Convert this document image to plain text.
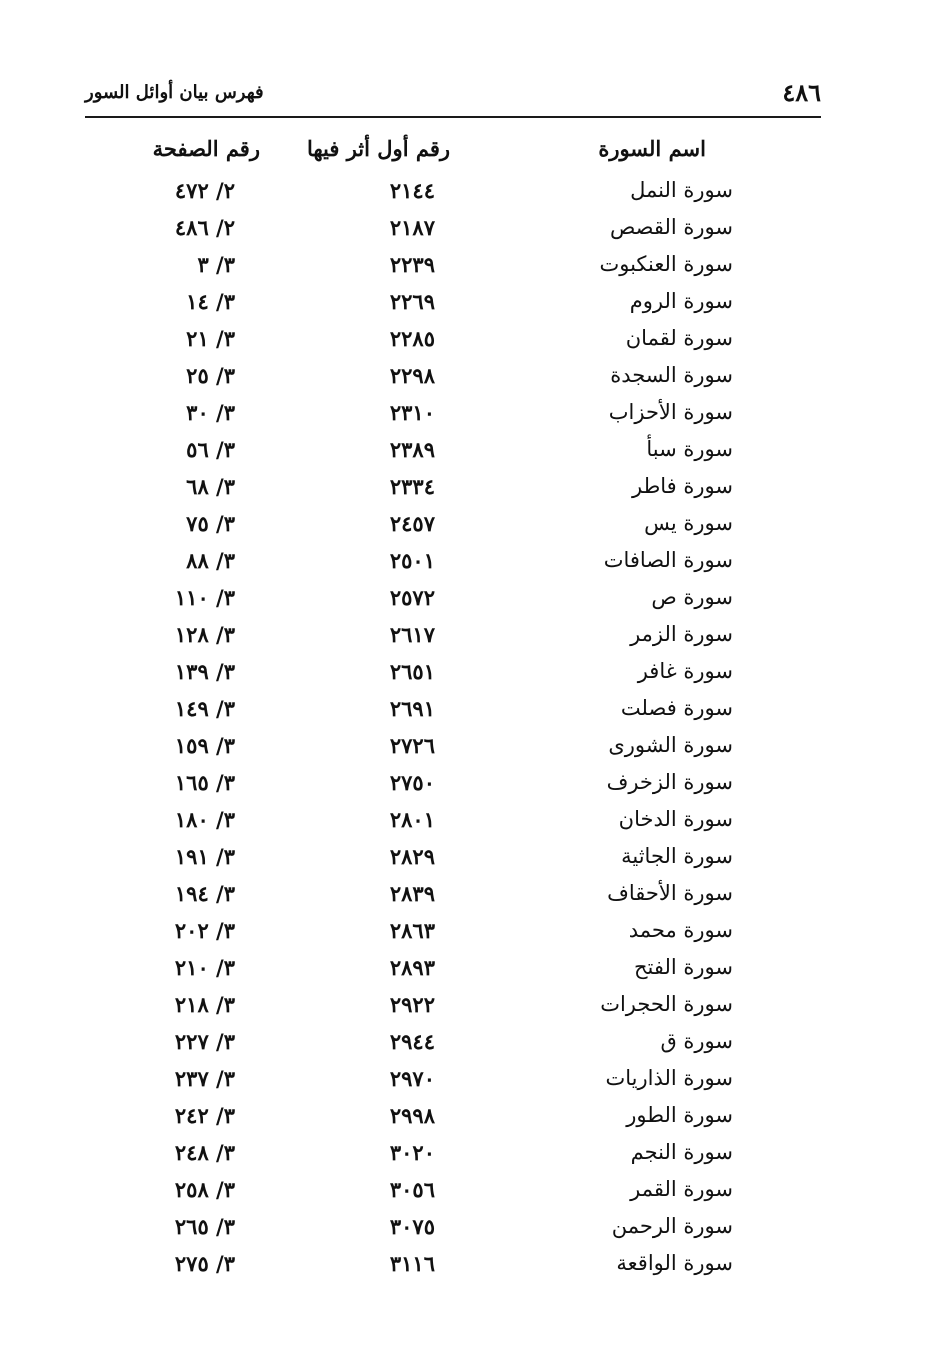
٤٨٦
فهرس بيان أوائل السور
اسم السورة
رقم أول أثر فيها
رقم الصفحة
سورة النمل
٢١٤٤
٢/ ٤٧٢
سورة القصص
٢١٨٧
٢/ ٤٨٦
سورة العنكبوت
٢٢٣٩
٣/ ٣
سورة الروم
٢٢٦٩
٣/ ١٤
سورة لقمان
٢٢٨٥
٣/ ٢١
سورة السجدة
٢٢٩٨
٣/ ٢٥
سورة الأحزاب
٢٣١٠
٣/ ٣٠
سورة سبأ
٢٣٨٩
٣/ ٥٦
سورة فاطر
٢٣٣٤
٣/ ٦٨
سورة يس
٢٤٥٧
٣/ ٧٥
سورة الصافات
٢٥٠١
٣/ ٨٨
سورة ص
٢٥٧٢
٣/ ١١٠
سورة الزمر
٢٦١٧
٣/ ١٢٨
سورة غافر
٢٦٥١
٣/ ١٣٩
سورة فصلت
٢٦٩١
٣/ ١٤٩
سورة الشورى
٢٧٢٦
٣/ ١٥٩
سورة الزخرف
٢٧٥٠
٣/ ١٦٥
سورة الدخان
٢٨٠١
٣/ ١٨٠
سورة الجاثية
٢٨٢٩
٣/ ١٩١
سورة الأحقاف
٢٨٣٩
٣/ ١٩٤
سورة محمد
٢٨٦٣
٣/ ٢٠٢
سورة الفتح
٢٨٩٣
٣/ ٢١٠
سورة الحجرات
٢٩٢٢
٣/ ٢١٨
سورة ق
٢٩٤٤
٣/ ٢٢٧
سورة الذاريات
٢٩٧٠
٣/ ٢٣٧
سورة الطور
٢٩٩٨
٣/ ٢٤٢
سورة النجم
٣٠٢٠
٣/ ٢٤٨
سورة القمر
٣٠٥٦
٣/ ٢٥٨
سورة الرحمن
٣٠٧٥
٣/ ٢٦٥
سورة الواقعة
٣١١٦
٣/ ٢٧٥
